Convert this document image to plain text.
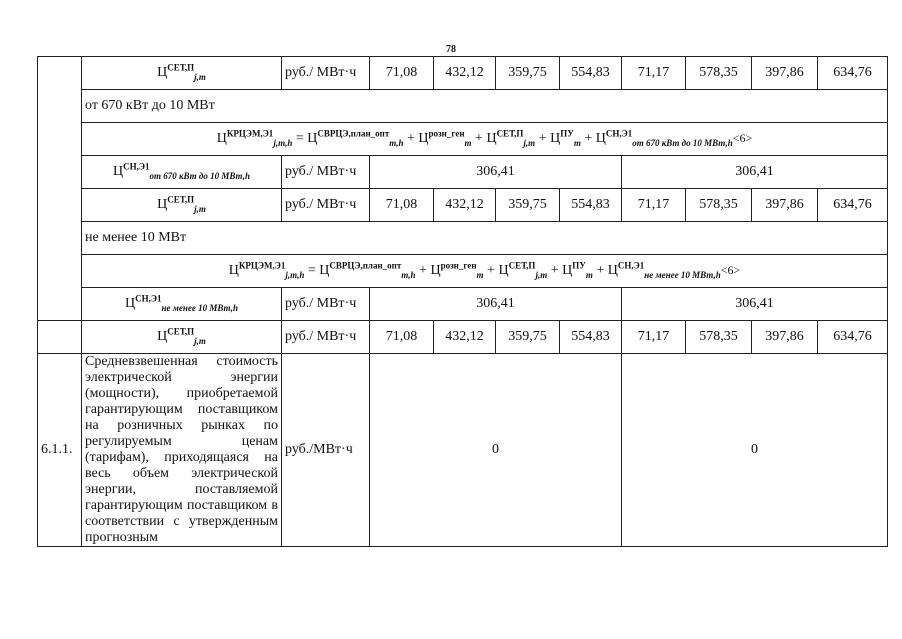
78
	$Ц^{СЕТ,П}_{j,m}$	руб./ МВт·ч	71,08	432,12	359,75	554,83	71,17	578,35	397,86	634,76
	от 670 кВт до 10 МВт									
	$Ц^{КРЦЭМ,Э1}_{j,m,h} = Ц^{СВРЦЭ,план\_опт}_{m,h} + Ц^{розн\_ген}_m + Ц^{СЕТ,П}_{j,m} + Ц^{ПУ}_m + Ц^{СН,Э1}_{от 670 кВт до 10 МВт,h}<6>$									
	$Ц^{СН,Э1}_{от 670 кВт до 10 МВт,h}$	руб./ МВт·ч	306,41				306,41			
	$Ц^{СЕТ,П}_{j,m}$	руб./ МВт·ч	71,08	432,12	359,75	554,83	71,17	578,35	397,86	634,76
	не менее 10 МВт									
	$Ц^{КРЦЭМ,Э1}_{j,m,h} = Ц^{СВРЦЭ,план\_опт}_{m,h} + Ц^{розн\_ген}_m + Ц^{СЕТ,П}_{j,m} + Ц^{ПУ}_m + Ц^{СН,Э1}_{не менее 10 МВт,h}<6>$									
	$Ц^{СН,Э1}_{не менее 10 МВт,h}$	руб./ МВт·ч	306,41				306,41			
	$Ц^{СЕТ,П}_{j,m}$	руб./ МВт·ч	71,08	432,12	359,75	554,83	71,17	578,35	397,86	634,76
6.1.1.	Средневзвешенная стоимость электрической энергии (мощности), приобретаемой гарантирующим поставщиком на розничных рынках по регулируемым ценам (тарифам), приходящаяся на весь объем электрической энергии, поставляемой гарантирующим поставщиком в соответствии с утвержденным прогнозным	руб./МВт·ч	0				0			
